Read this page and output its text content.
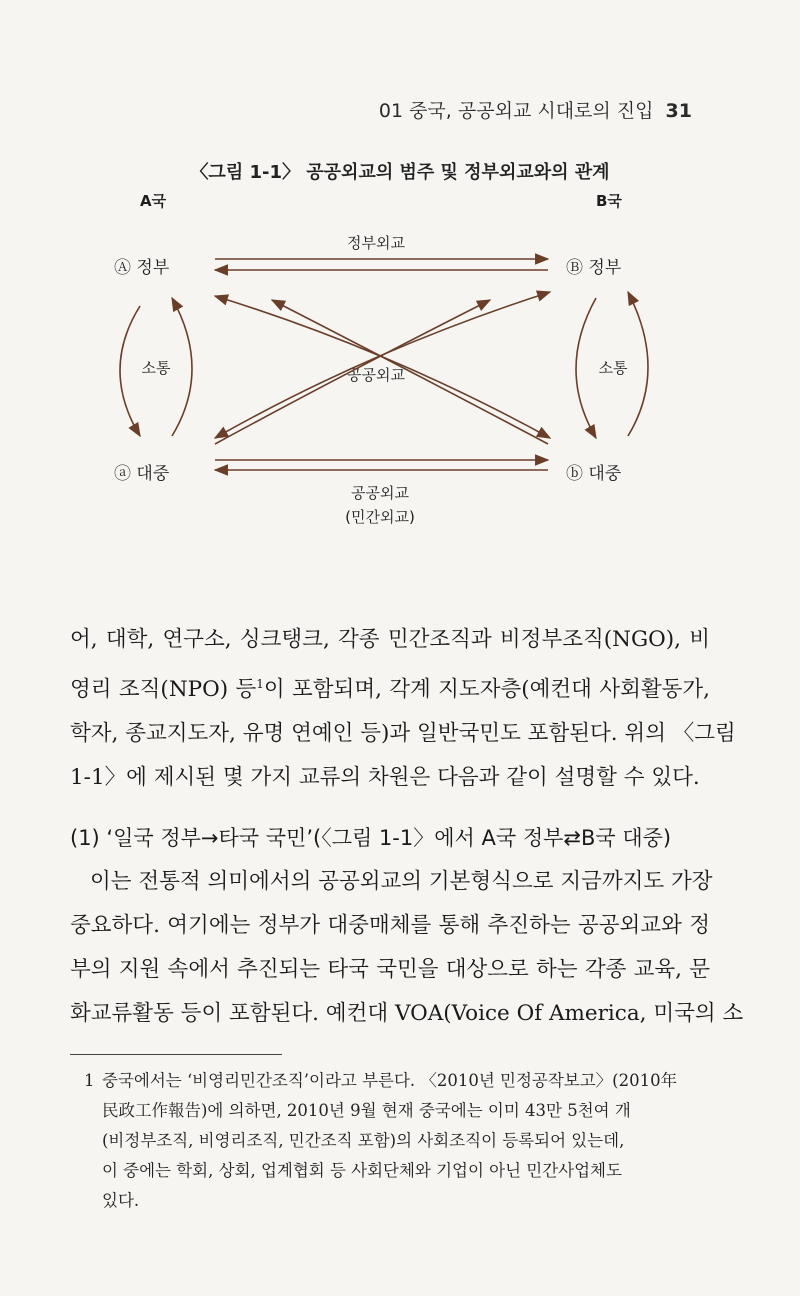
01 중국, 공공외교 시대로의 진입 31
〈그림 1-1〉 공공외교의 범주 및 정부외교와의 관계
A국	B국
Ⓐ 정부	Ⓑ 정부
ⓐ 대중	ⓑ 대중
정부외교
공공외교
소통	소통
공공외교
(민간외교)
어, 대학, 연구소, 싱크탱크, 각종 민간조직과 비정부조직(NGO), 비
영리 조직(NPO) 등$^1$이 포함되며, 각계 지도자층(예컨대 사회활동가,
학자, 종교지도자, 유명 연예인 등)과 일반국민도 포함된다. 위의 〈그림
1-1〉에 제시된 몇 가지 교류의 차원은 다음과 같이 설명할 수 있다.
(1) ‘일국 정부→타국 국민’(〈그림 1-1〉에서 A국 정부⇄B국 대중)
이는 전통적 의미에서의 공공외교의 기본형식으로 지금까지도 가장
중요하다. 여기에는 정부가 대중매체를 통해 추진하는 공공외교와 정
부의 지원 속에서 추진되는 타국 국민을 대상으로 하는 각종 교육, 문
화교류활동 등이 포함된다. 예컨대 VOA(Voice Of America, 미국의 소
1 중국에서는 ‘비영리민간조직’이라고 부른다. 〈2010년 민정공작보고〉(2010年
民政工作報告)에 의하면, 2010년 9월 현재 중국에는 이미 43만 5천여 개
(비정부조직, 비영리조직, 민간조직 포함)의 사회조직이 등록되어 있는데,
이 중에는 학회, 상회, 업계협회 등 사회단체와 기업이 아닌 민간사업체도
있다.
